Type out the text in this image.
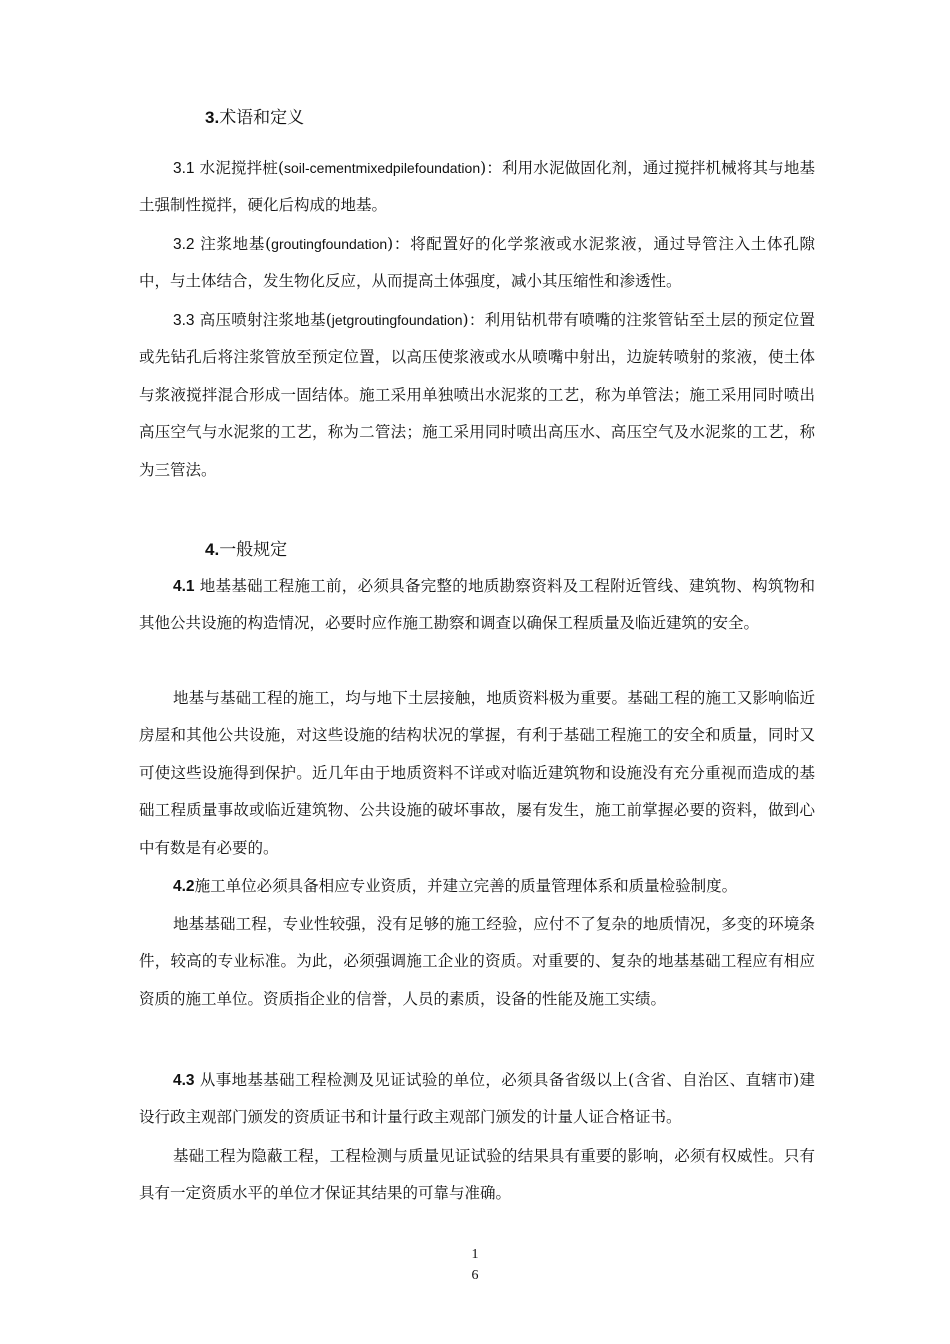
3.术语和定义

3.1 水泥搅拌桩(soil-cementmixedpilefoundation)：利用水泥做固化剂，通过搅拌机械将其与地基土强制性搅拌，硬化后构成的地基。

3.2 注浆地基(groutingfoundation)：将配置好的化学浆液或水泥浆液，通过导管注入土体孔隙中，与土体结合，发生物化反应，从而提高土体强度，减小其压缩性和渗透性。

3.3 高压喷射注浆地基(jetgroutingfoundation)：利用钻机带有喷嘴的注浆管钻至土层的预定位置或先钻孔后将注浆管放至预定位置，以高压使浆液或水从喷嘴中射出，边旋转喷射的浆液，使土体与浆液搅拌混合形成一固结体。施工采用单独喷出水泥浆的工艺，称为单管法；施工采用同时喷出高压空气与水泥浆的工艺，称为二管法；施工采用同时喷出高压水、高压空气及水泥浆的工艺，称为三管法。

4.一般规定

4.1 地基基础工程施工前，必须具备完整的地质勘察资料及工程附近管线、建筑物、构筑物和其他公共设施的构造情况，必要时应作施工勘察和调查以确保工程质量及临近建筑的安全。

地基与基础工程的施工，均与地下土层接触，地质资料极为重要。基础工程的施工又影响临近房屋和其他公共设施，对这些设施的结构状况的掌握，有利于基础工程施工的安全和质量，同时又可使这些设施得到保护。近几年由于地质资料不详或对临近建筑物和设施没有充分重视而造成的基础工程质量事故或临近建筑物、公共设施的破坏事故，屡有发生，施工前掌握必要的资料，做到心中有数是有必要的。

4.2施工单位必须具备相应专业资质，并建立完善的质量管理体系和质量检验制度。

地基基础工程，专业性较强，没有足够的施工经验，应付不了复杂的地质情况，多变的环境条件，较高的专业标准。为此，必须强调施工企业的资质。对重要的、复杂的地基基础工程应有相应资质的施工单位。资质指企业的信誉，人员的素质，设备的性能及施工实绩。

4.3 从事地基基础工程检测及见证试验的单位，必须具备省级以上(含省、自治区、直辖市)建设行政主观部门颁发的资质证书和计量行政主观部门颁发的计量人证合格证书。

基础工程为隐蔽工程，工程检测与质量见证试验的结果具有重要的影响，必须有权威性。只有具有一定资质水平的单位才保证其结果的可靠与准确。

1
6
